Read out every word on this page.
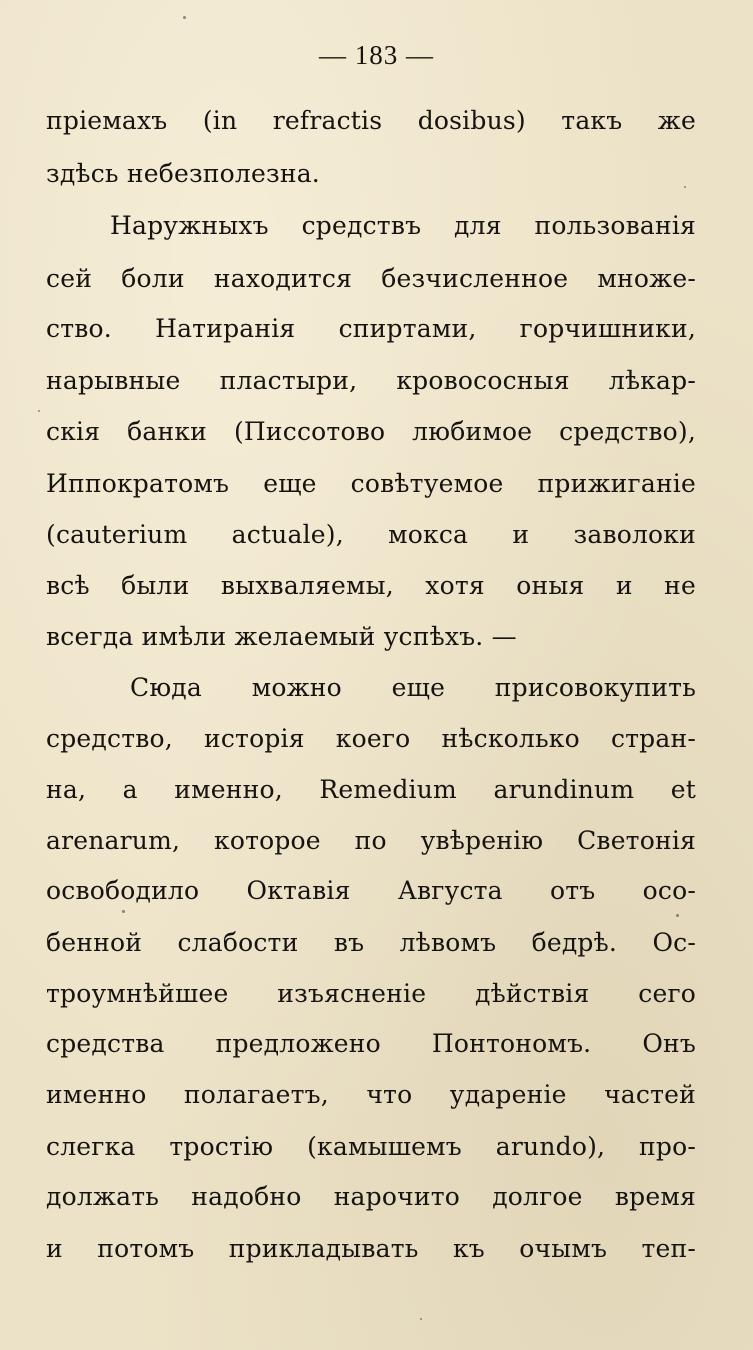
— 183 —
пріемахъ (in refractis dosibus) такъ же
здѣсь небезполезна.
Наружныхъ средствъ для пользованія
сей боли находится безчисленное множе-
ство. Натиранія спиртами, горчишники,
нарывные пластыри, кровососныя лѣкар-
скія банки (Писсотово любимое средство),
Иппократомъ еще совѣтуемое прижиганіе
(cauterium actuale), мокса и заволоки
всѣ были выхваляемы, хотя оныя и не
всегда имѣли желаемый успѣхъ. —
Сюда можно еще присовокупить
средство, исторія коего нѣсколько стран-
на, а именно, Remedium arundinum et
arenarum, которое по увѣренію Светонія
освободило Октавія Августа отъ осо-
бенной слабости въ лѣвомъ бедрѣ. Ос-
троумнѣйшее изъясненіе дѣйствія сего
средства предложено Понтономъ. Онъ
именно полагаетъ, что удареніе частей
слегка тростію (камышемъ arundo), про-
должать надобно нарочито долгое время
и потомъ прикладывать къ очымъ теп-
